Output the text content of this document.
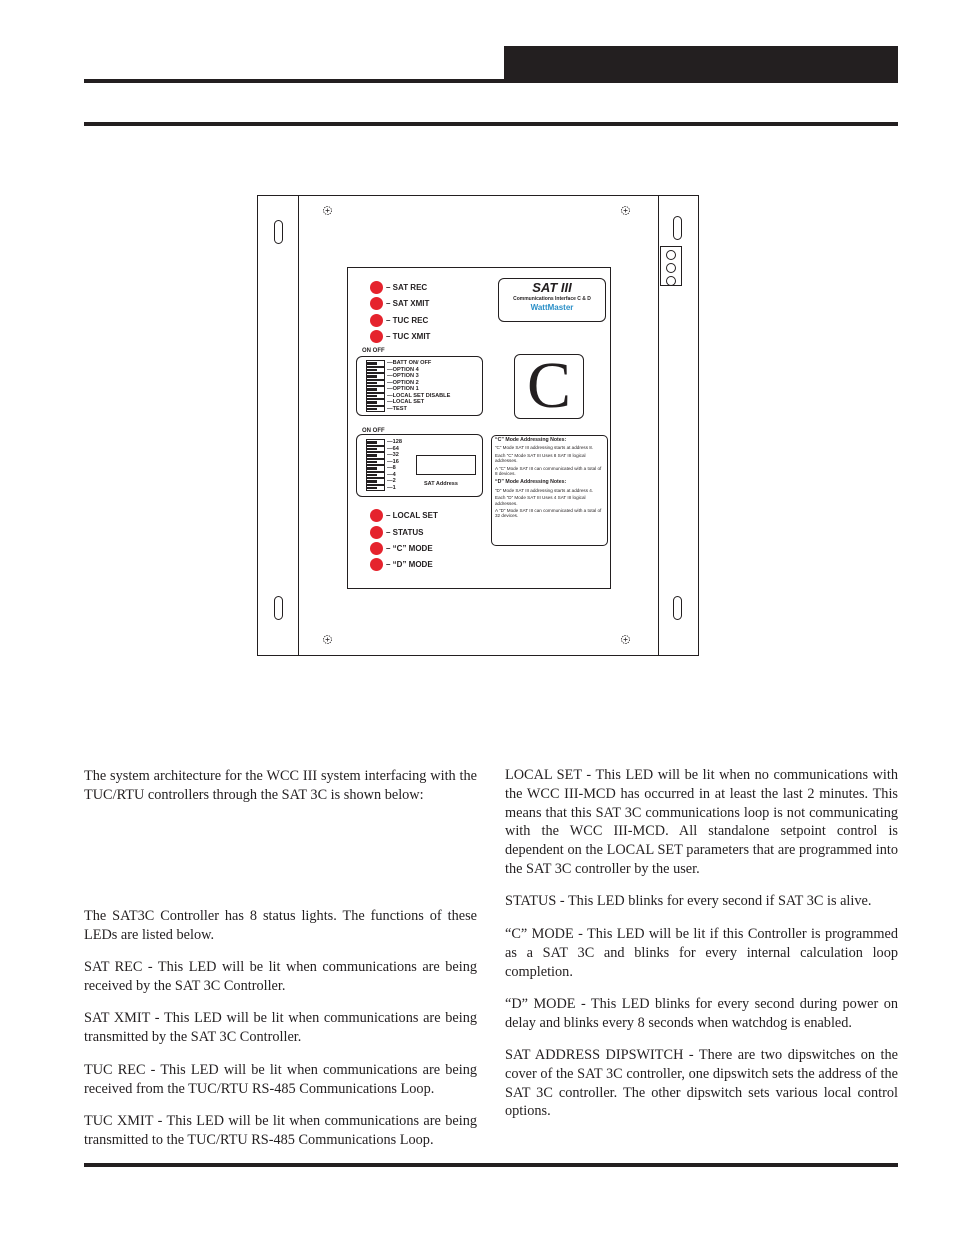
– SAT REC
– SAT XMIT
– TUC REC
– TUC XMIT
SAT III
Communications Interface C & D
WattMaster
C
ON OFF
— BATT ON/ OFF
— OPTION 4
— OPTION 3
— OPTION 2
— OPTION 1
— LOCAL SET DISABLE
— LOCAL SET
— TEST
ON OFF
— 128
— 64
— 32
— 16
— 8
— 4
— 2
— 1
SAT Address

“C” Mode Addressing Notes:

“C” Mode SAT III addressing starts at address 8.

Each “C” Mode SAT III Uses 8 SAT III logical addresses.

A “C” Mode SAT III can communicated with a total of 8 devices.

“D” Mode Addressing Notes:

“D” Mode SAT III addressing starts at address 4.

Each “D” Mode SAT III Uses 4 SAT III logical addresses.

A “D” Mode SAT III can communicated with a total of 32 devices.

– LOCAL SET
– STATUS
– “C” MODE
– “D” MODE

The system architecture for the WCC III system interfacing with the TUC/RTU controllers through the SAT 3C is shown below:

The SAT3C Controller has 8 status lights. The functions of these LEDs are listed below.

SAT REC - This LED will be lit when communications are being received by the SAT 3C Controller.

SAT XMIT - This LED will be lit when communications are being transmitted by the SAT 3C Controller.

TUC REC - This LED will be lit when communications are being received from the TUC/RTU RS-485 Communications Loop.

TUC XMIT - This LED will be lit when communications are being transmitted to the TUC/RTU RS-485 Communications Loop.

LOCAL SET - This LED will be lit when no communications with the WCC III-MCD has occurred in at least the last 2 minutes. This means that this SAT 3C communications loop is not communicating with the WCC III-MCD. All standalone setpoint control is dependent on the LOCAL SET parameters that are programmed into the SAT 3C controller by the user.

STATUS - This LED blinks for every second if SAT 3C is alive.

“C” MODE - This LED will be lit if this Controller is programmed as a SAT 3C and blinks for every internal calculation loop completion.

“D” MODE - This LED blinks for every second during power on delay and blinks every 8 seconds when watchdog is enabled.

SAT ADDRESS DIPSWITCH - There are two dipswitches on the cover of the SAT 3C controller, one dipswitch sets the address of the SAT 3C controller. The other dipswitch sets various local control options.
